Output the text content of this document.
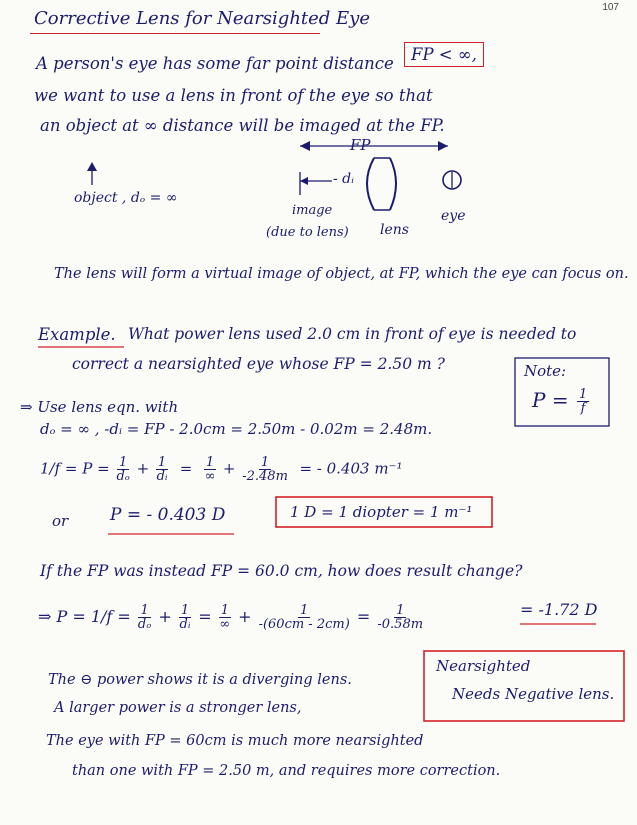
107
Corrective Lens for Nearsighted Eye
A person's eye has some far point distance	FP < ∞,
we want to use a lens in front of the eye so that
an object at ∞ distance will be imaged at the FP.
FP
- dᵢ
object , dₒ = ∞
image
(due to lens) lens
eye
The lens will form a virtual image of object, at FP, which the eye can focus on.
Example. What power lens used 2.0 cm in front of eye is needed to
correct a nearsighted eye whose FP = 2.50 m ?	Note:
$P = \frac{1}{f}$
⇒ Use lens eqn. with
dₒ = ∞ , -dᵢ = FP - 2.0cm = 2.50m - 0.02m = 2.48m.
$1/f = P = \frac{1}{\text{dₒ}} + \frac{1}{\text{dᵢ}} = \frac{1}{\infty} + \frac{1}{-2.48m}$ = - 0.403 m⁻¹
or P = - 0.403 D	1 D = 1 diopter = 1 m⁻¹
If the FP was instead FP = 60.0 cm, how does result change?
⇒ $P = 1/f = \frac{1}{\text{dₒ}} + \frac{1}{\text{dᵢ}} = \frac{1}{\infty} + \frac{1}{-(60cm - 2cm)} = \frac{1}{-0.58m}$	= -1.72 D
The ⊖ power shows it is a diverging lens.
A larger power is a stronger lens,
The eye with FP = 60cm is much more nearsighted
than one with FP = 2.50 m, and requires more correction.
Nearsighted
Needs Negative lens.
